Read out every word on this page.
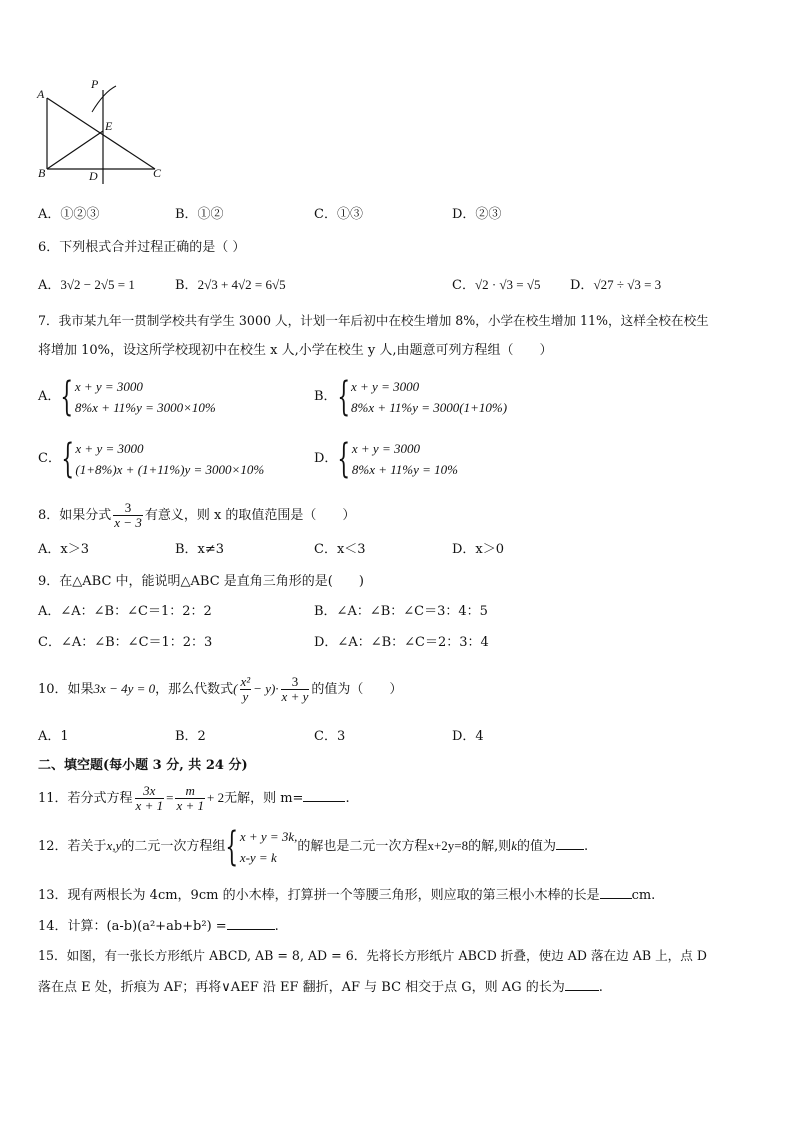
A
P
E
B	D	C
A．①②③	B．①②	C．①③	D．②③
6．下列根式合并过程正确的是（ ）
A．3√2 − 2√5 = 1	B．2√3 + 4√2 = 6√5	C．√2 · √3 = √5 D．√27 ÷ √3 = 3
7．我市某九年一贯制学校共有学生 3000 人，计划一年后初中在校生增加 8%，小学在校生增加 11%，这样全校在校生
将增加 10%，设这所学校现初中在校生 x 人,小学在校生 y 人,由题意可列方程组（　　）
A．{ x + y = 3000
8%x + 11%y = 3000×10%
B．{ x + y = 3000
8%x + 11%y = 3000(1+10%)
C．{ x + y = 3000
(1+8%)x + (1+11%)y = 3000×10%
D．{ x + y = 3000
8%x + 11%y = 10%
8．如果分式 $\frac{3}{x - 3}$ 有意义，则 x 的取值范围是（　　）
A．x＞3	B．x≠3	C．x＜3	D．x＞0
9．在△ABC 中，能说明△ABC 是直角三角形的是(　　)
A．∠A：∠B：∠C＝1：2：2	B．∠A：∠B：∠C＝3：4：5
C．∠A：∠B：∠C＝1：2：3	D．∠A：∠B：∠C＝2：3：4
10．如果3x − 4y = 0，那么代数式( $\frac{\text{x²}}{y} - y)\cdot \frac{3}{x + y}$ 的值为（　　）
A．1	B．2	C．3	D．4
二、填空题(每小题 3 分, 共 24 分)
11．若分式方程 $\frac{3x}{x + 1} = \frac{m}{x + 1} + 2$无解，则 m=	.
12．若关于x,y的二元一次方程组{ x + y = 3k,
x-y = k
的解也是二元一次方程x+2y=8的解,则k的值为 .
13．现有两根长为 4cm，9cm 的小木棒，打算拼一个等腰三角形，则应取的第三根小木棒的长是 cm.
14．计算：(a-b)(a²+ab+b²) =	.
15．如图，有一张长方形纸片 ABCD, AB = 8, AD = 6．先将长方形纸片 ABCD 折叠，使边 AD 落在边 AB 上，点 D
落在点 E 处，折痕为 AF；再将∨AEF 沿 EF 翻折，AF 与 BC 相交于点 G，则 AG 的长为	.
